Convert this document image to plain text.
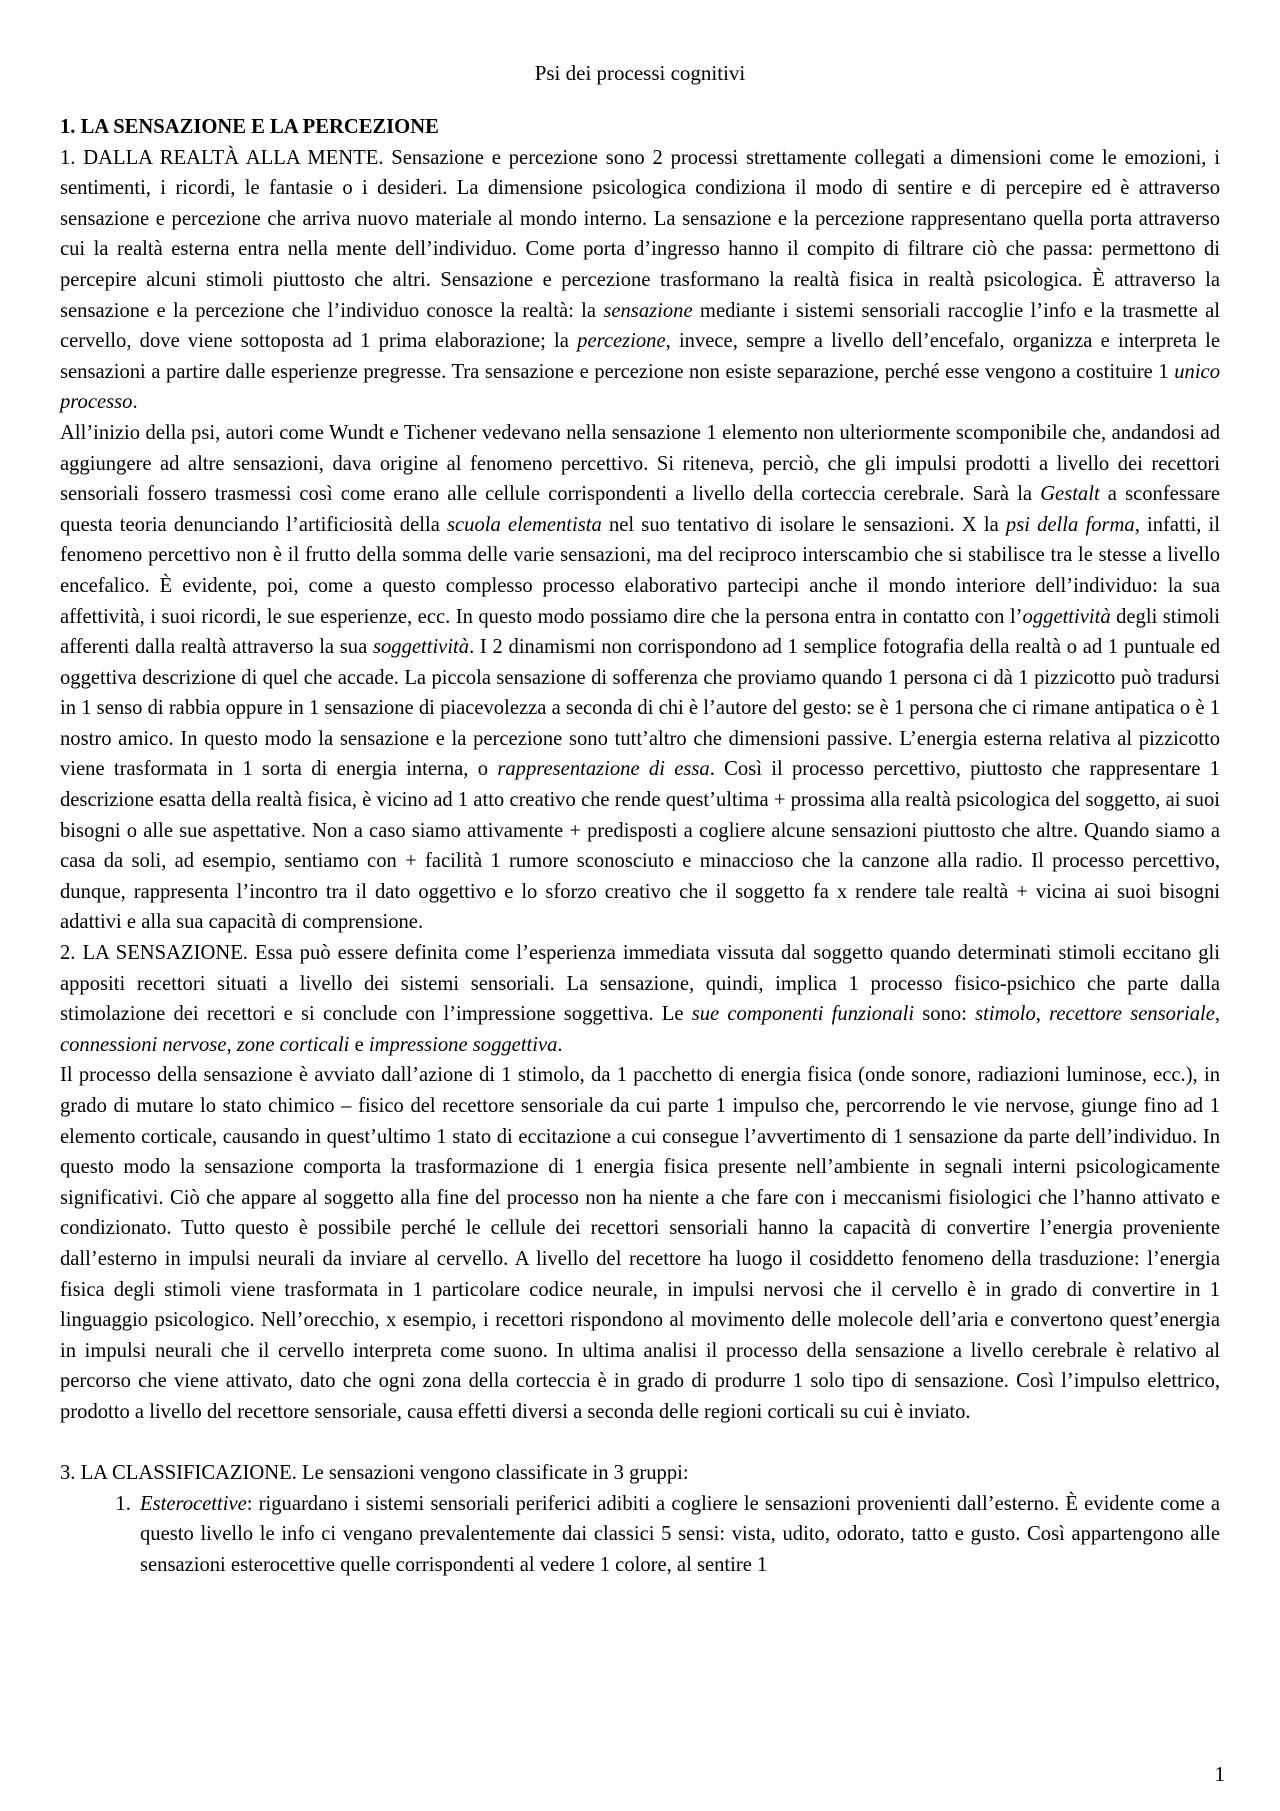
Psi dei processi cognitivi

1. LA SENSAZIONE E LA PERCEZIONE

1. DALLA REALTÀ ALLA MENTE. Sensazione e percezione sono 2 processi strettamente collegati a dimensioni come le emozioni, i sentimenti, i ricordi, le fantasie o i desideri. La dimensione psicologica condiziona il modo di sentire e di percepire ed è attraverso sensazione e percezione che arriva nuovo materiale al mondo interno. La sensazione e la percezione rappresentano quella porta attraverso cui la realtà esterna entra nella mente dell’individuo. Come porta d’ingresso hanno il compito di filtrare ciò che passa: permettono di percepire alcuni stimoli piuttosto che altri. Sensazione e percezione trasformano la realtà fisica in realtà psicologica. È attraverso la sensazione e la percezione che l’individuo conosce la realtà: la sensazione mediante i sistemi sensoriali raccoglie l’info e la trasmette al cervello, dove viene sottoposta ad 1 prima elaborazione; la percezione, invece, sempre a livello dell’encefalo, organizza e interpreta le sensazioni a partire dalle esperienze pregresse. Tra sensazione e percezione non esiste separazione, perché esse vengono a costituire 1 unico processo.

All’inizio della psi, autori come Wundt e Tichener vedevano nella sensazione 1 elemento non ulteriormente scomponibile che, andandosi ad aggiungere ad altre sensazioni, dava origine al fenomeno percettivo. Si riteneva, perciò, che gli impulsi prodotti a livello dei recettori sensoriali fossero trasmessi così come erano alle cellule corrispondenti a livello della corteccia cerebrale. Sarà la Gestalt a sconfessare questa teoria denunciando l’artificiosità della scuola elementista nel suo tentativo di isolare le sensazioni. X la psi della forma, infatti, il fenomeno percettivo non è il frutto della somma delle varie sensazioni, ma del reciproco interscambio che si stabilisce tra le stesse a livello encefalico. È evidente, poi, come a questo complesso processo elaborativo partecipi anche il mondo interiore dell’individuo: la sua affettività, i suoi ricordi, le sue esperienze, ecc. In questo modo possiamo dire che la persona entra in contatto con l’oggettività degli stimoli afferenti dalla realtà attraverso la sua soggettività. I 2 dinamismi non corrispondono ad 1 semplice fotografia della realtà o ad 1 puntuale ed oggettiva descrizione di quel che accade. La piccola sensazione di sofferenza che proviamo quando 1 persona ci dà 1 pizzicotto può tradursi in 1 senso di rabbia oppure in 1 sensazione di piacevolezza a seconda di chi è l’autore del gesto: se è 1 persona che ci rimane antipatica o è 1 nostro amico. In questo modo la sensazione e la percezione sono tutt’altro che dimensioni passive. L’energia esterna relativa al pizzicotto viene trasformata in 1 sorta di energia interna, o rappresentazione di essa. Così il processo percettivo, piuttosto che rappresentare 1 descrizione esatta della realtà fisica, è vicino ad 1 atto creativo che rende quest’ultima + prossima alla realtà psicologica del soggetto, ai suoi bisogni o alle sue aspettative. Non a caso siamo attivamente + predisposti a cogliere alcune sensazioni piuttosto che altre. Quando siamo a casa da soli, ad esempio, sentiamo con + facilità 1 rumore sconosciuto e minaccioso che la canzone alla radio. Il processo percettivo, dunque, rappresenta l’incontro tra il dato oggettivo e lo sforzo creativo che il soggetto fa x rendere tale realtà + vicina ai suoi bisogni adattivi e alla sua capacità di comprensione.

2. LA SENSAZIONE. Essa può essere definita come l’esperienza immediata vissuta dal soggetto quando determinati stimoli eccitano gli appositi recettori situati a livello dei sistemi sensoriali. La sensazione, quindi, implica 1 processo fisico-psichico che parte dalla stimolazione dei recettori e si conclude con l’impressione soggettiva. Le sue componenti funzionali sono: stimolo, recettore sensoriale, connessioni nervose, zone corticali e impressione soggettiva.

Il processo della sensazione è avviato dall’azione di 1 stimolo, da 1 pacchetto di energia fisica (onde sonore, radiazioni luminose, ecc.), in grado di mutare lo stato chimico – fisico del recettore sensoriale da cui parte 1 impulso che, percorrendo le vie nervose, giunge fino ad 1 elemento corticale, causando in quest’ultimo 1 stato di eccitazione a cui consegue l’avvertimento di 1 sensazione da parte dell’individuo. In questo modo la sensazione comporta la trasformazione di 1 energia fisica presente nell’ambiente in segnali interni psicologicamente significativi. Ciò che appare al soggetto alla fine del processo non ha niente a che fare con i meccanismi fisiologici che l’hanno attivato e condizionato. Tutto questo è possibile perché le cellule dei recettori sensoriali hanno la capacità di convertire l’energia proveniente dall’esterno in impulsi neurali da inviare al cervello. A livello del recettore ha luogo il cosiddetto fenomeno della trasduzione: l’energia fisica degli stimoli viene trasformata in 1 particolare codice neurale, in impulsi nervosi che il cervello è in grado di convertire in 1 linguaggio psicologico. Nell’orecchio, x esempio, i recettori rispondono al movimento delle molecole dell’aria e convertono quest’energia in impulsi neurali che il cervello interpreta come suono. In ultima analisi il processo della sensazione a livello cerebrale è relativo al percorso che viene attivato, dato che ogni zona della corteccia è in grado di produrre 1 solo tipo di sensazione. Così l’impulso elettrico, prodotto a livello del recettore sensoriale, causa effetti diversi a seconda delle regioni corticali su cui è inviato.

3. LA CLASSIFICAZIONE. Le sensazioni vengono classificate in 3 gruppi:

1. Esterocettive: riguardano i sistemi sensoriali periferici adibiti a cogliere le sensazioni provenienti dall’esterno. È evidente come a questo livello le info ci vengano prevalentemente dai classici 5 sensi: vista, udito, odorato, tatto e gusto. Così appartengono alle sensazioni esterocettive quelle corrispondenti al vedere 1 colore, al sentire 1
1
